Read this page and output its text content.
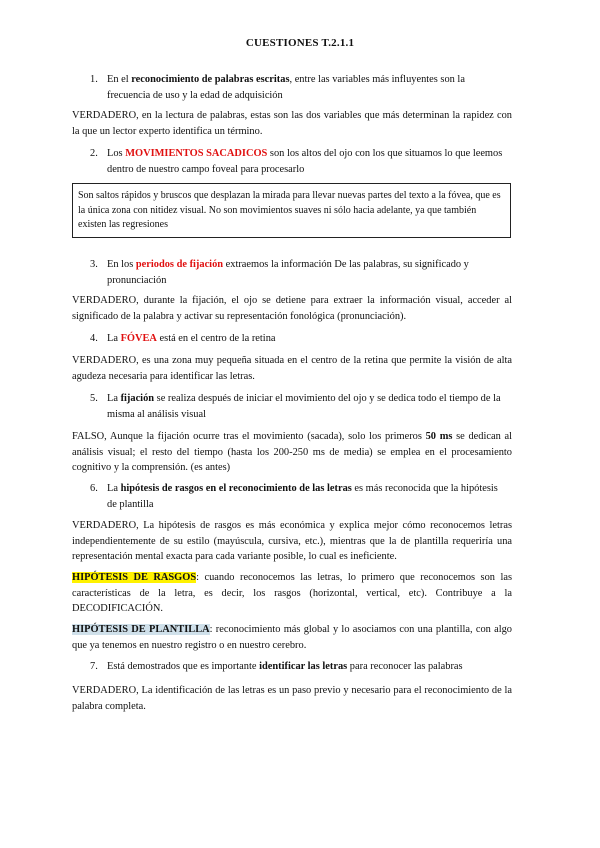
CUESTIONES T.2.1.1
1. En el reconocimiento de palabras escritas, entre las variables más influyentes son la frecuencia de uso y la edad de adquisición
VERDADERO, en la lectura de palabras, estas son las dos variables que más determinan la rapidez con la que un lector experto identifica un término.
2. Los MOVIMIENTOS SACADICOS son los altos del ojo con los que situamos lo que leemos dentro de nuestro campo foveal para procesarlo
Son saltos rápidos y bruscos que desplazan la mirada para llevar nuevas partes del texto a la fóvea, que es la única zona con nitidez visual. No son movimientos suaves ni sólo hacia adelante, ya que también existen las regresiones
3. En los periodos de fijación extraemos la información De las palabras, su significado y pronunciación
VERDADERO, durante la fijación, el ojo se detiene para extraer la información visual, acceder al significado de la palabra y activar su representación fonológica (pronunciación).
4. La FÓVEA está en el centro de la retina
VERDADERO, es una zona muy pequeña situada en el centro de la retina que permite la visión de alta agudeza necesaria para identificar las letras.
5. La fijación se realiza después de iniciar el movimiento del ojo y se dedica todo el tiempo de la misma al análisis visual
FALSO, Aunque la fijación ocurre tras el movimiento (sacada), solo los primeros 50 ms se dedican al análisis visual; el resto del tiempo (hasta los 200-250 ms de media) se emplea en el procesamiento cognitivo y la comprensión. (es antes)
6. La hipótesis de rasgos en el reconocimiento de las letras es más reconocida que la hipótesis de plantilla
VERDADERO, La hipótesis de rasgos es más económica y explica mejor cómo reconocemos letras independientemente de su estilo (mayúscula, cursiva, etc.), mientras que la de plantilla requeriría una representación mental exacta para cada variante posible, lo cual es ineficiente.
HIPÓTESIS DE RASGOS: cuando reconocemos las letras, lo primero que reconocemos son las características de la letra, es decir, los rasgos (horizontal, vertical, etc). Contribuye a la DECODIFICACIÓN.
HIPÓTESIS DE PLANTILLA: reconocimiento más global y lo asociamos con una plantilla, con algo que ya tenemos en nuestro registro o en nuestro cerebro.
7. Está demostrados que es importante identificar las letras para reconocer las palabras
VERDADERO, La identificación de las letras es un paso previo y necesario para el reconocimiento de la palabra completa.
